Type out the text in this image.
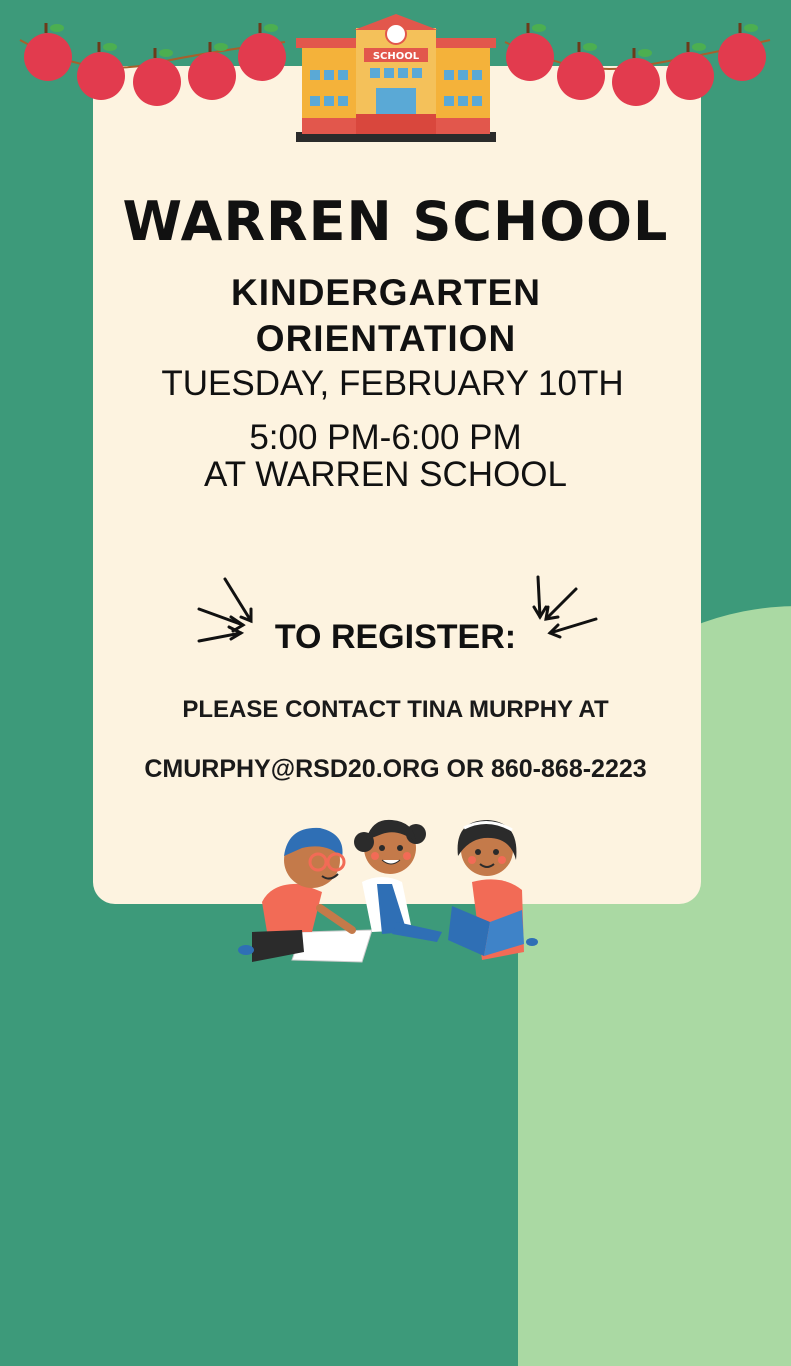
SCHOOL
WARREN SCHOOL
KINDERGARTEN
ORIENTATION
TUESDAY, FEBRUARY 10TH
5:00 PM-6:00 PM
AT WARREN SCHOOL
TO REGISTER:
PLEASE CONTACT TINA MURPHY AT
CMURPHY@RSD20.ORG OR 860-868-2223
